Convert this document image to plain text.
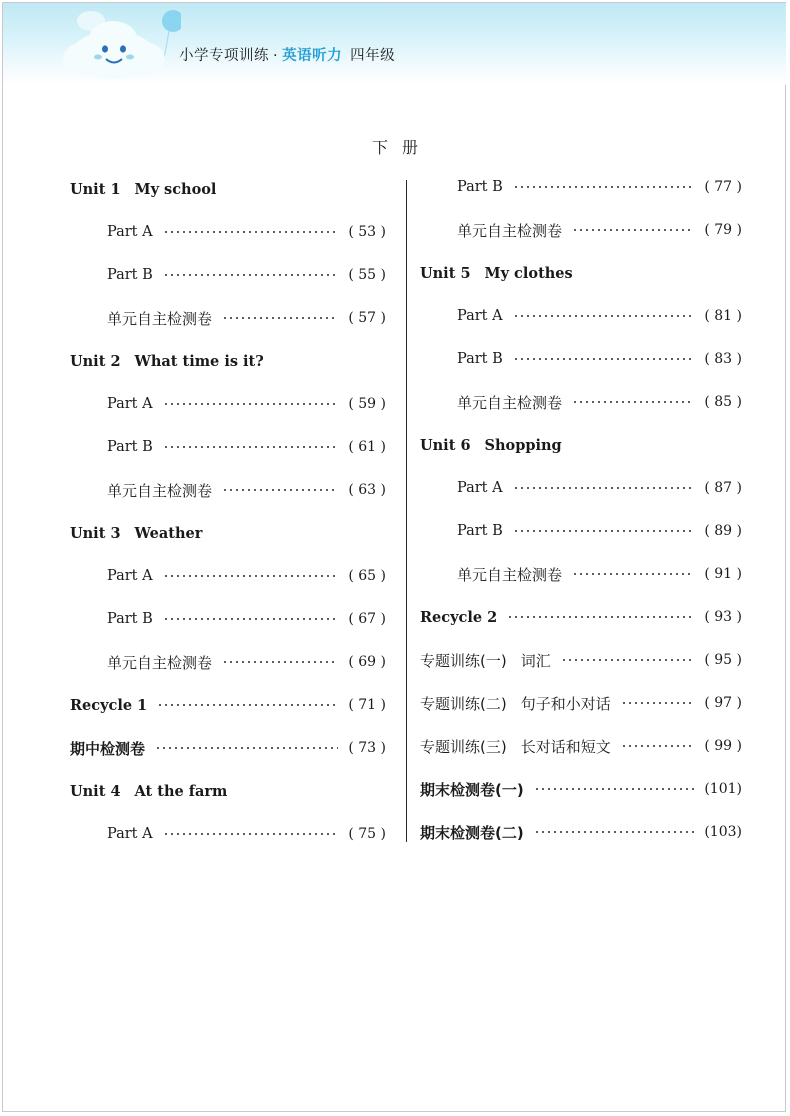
小学专项训练 · 英语听力 四年级
下册
Unit 1 My school
Part A	( 53 )
Part B	( 55 )
单元自主检测卷	( 57 )
Unit 2 What time is it?
Part A	( 59 )
Part B	( 61 )
单元自主检测卷	( 63 )
Unit 3 Weather
Part A	( 65 )
Part B	( 67 )
单元自主检测卷	( 69 )
Recycle 1	( 71 )
期中检测卷	( 73 )
Unit 4 At the farm
Part A	( 75 )
Part B	( 77 )
单元自主检测卷	( 79 )
Unit 5 My clothes
Part A	( 81 )
Part B	( 83 )
单元自主检测卷	( 85 )
Unit 6 Shopping
Part A	( 87 )
Part B	( 89 )
单元自主检测卷	( 91 )
Recycle 2	( 93 )
专题训练(一) 词汇	( 95 )
专题训练(二) 句子和小对话	( 97 )
专题训练(三) 长对话和短文	( 99 )
期末检测卷(一)	(101)
期末检测卷(二)	(103)
